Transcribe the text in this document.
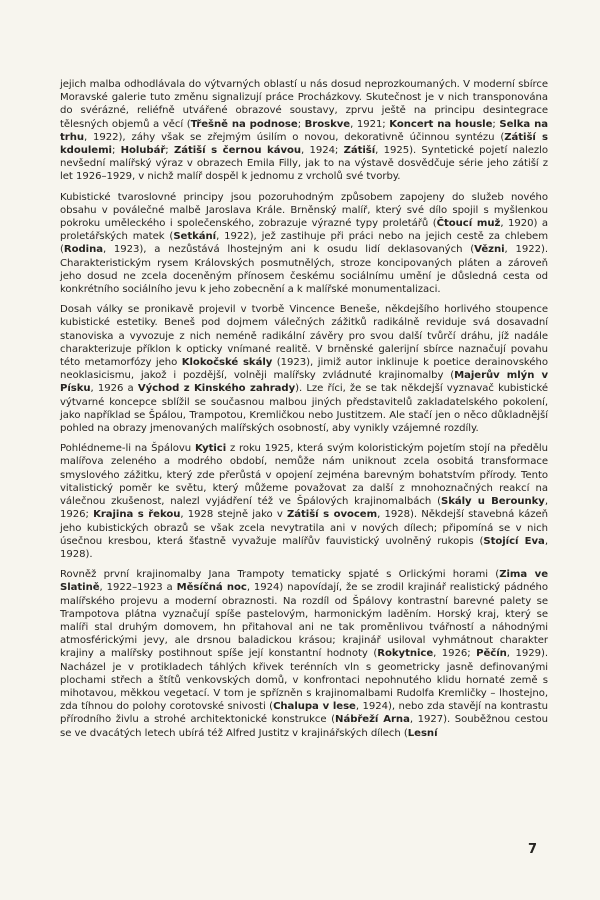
jejich malba odhodlávala do výtvarných oblastí u nás dosud neprozkoumaných. V moderní sbírce Moravské galerie tuto změnu signalizují práce Procházkovy. Skutečnost je v nich transponována do svérázné, reliéfně utvářené obrazové soustavy, zprvu ještě na principu desintegrace tělesných objemů a věcí (Třešně na podnose; Broskve, 1921; Koncert na housle; Selka na trhu, 1922), záhy však se zřejmým úsilím o novou, dekorativně účinnou syntézu (Zátiší s kdoulemi; Holubář; Zátiší s černou kávou, 1924; Zátiší, 1925). Syntetické pojetí nalezlo nevšední malířský výraz v obrazech Emila Filly, jak to na výstavě dosvědčuje série jeho zátiší z let 1926–1929, v nichž malíř dospěl k jednomu z vrcholů své tvorby.

Kubistické tvaroslovné principy jsou pozoruhodným způsobem zapojeny do služeb nového obsahu v poválečné malbě Jaroslava Krále. Brněnský malíř, který své dílo spojil s myšlenkou pokroku uměleckého i společenského, zobrazuje výrazné typy proletářů (Čtoucí muž, 1920) a proletářských matek (Setkání, 1922), jež zastihuje při práci nebo na jejich cestě za chlebem (Rodina, 1923), a nezůstává lhostejným ani k osudu lidí deklasovaných (Vězni, 1922). Charakteristickým rysem Královských posmutnělých, stroze koncipovaných pláten a zároveň jeho dosud ne zcela doceněným přínosem českému sociálnímu umění je důsledná cesta od konkrétního sociálního jevu k jeho zobecnění a k malířské monumentalizaci.

Dosah války se pronikavě projevil v tvorbě Vincence Beneše, někdejšího horlivého stoupence kubistické estetiky. Beneš pod dojmem válečných zážitků radikálně reviduje svá dosavadní stanoviska a vyvozuje z nich neméně radikální závěry pro svou další tvůrčí dráhu, jíž nadále charakterizuje příklon k opticky vnímané realitě. V brněnské galerijní sbírce naznačují povahu této metamorfózy jeho Klokočské skály (1923), jimiž autor inklinuje k poetice derainovského neoklasicismu, jakož i pozdější, volněji malířsky zvládnuté krajinomalby (Majerův mlýn v Písku, 1926 a Východ z Kinského zahrady). Lze říci, že se tak někdejší vyznavač kubistické výtvarné koncepce sblížil se současnou malbou jiných představitelů zakladatelského pokolení, jako například se Špálou, Trampotou, Kremličkou nebo Justitzem. Ale stačí jen o něco důkladnější pohled na obrazy jmenovaných malířských osobností, aby vynikly vzájemné rozdíly.

Pohlédneme-li na Špálovu Kytici z roku 1925, která svým koloristickým pojetím stojí na předělu malířova zeleného a modrého období, nemůže nám uniknout zcela osobitá transformace smyslového zážitku, který zde přerůstá v opojení zejména barevným bohatstvím přírody. Tento vitalistický poměr ke světu, který můžeme považovat za další z mnohoznačných reakcí na válečnou zkušenost, nalezl vyjádření též ve Špálových krajinomalbách (Skály u Berounky, 1926; Krajina s řekou, 1928 stejně jako v Zátiší s ovocem, 1928). Někdejší stavebná kázeň jeho kubistických obrazů se však zcela nevytratila ani v nových dílech; připomíná se v nich úsečnou kresbou, která šťastně vyvažuje malířův fauvistický uvolněný rukopis (Stojící Eva, 1928).

Rovněž první krajinomalby Jana Trampoty tematicky spjaté s Orlickými horami (Zima ve Slatině, 1922–1923 a Měsíčná noc, 1924) napovídají, že se zrodil krajinář realistický pádného malířského projevu a moderní obraznosti. Na rozdíl od Špálovy kontrastní barevné palety se Trampotova plátna vyznačují spíše pastelovým, harmonickým laděním. Horský kraj, který se malíři stal druhým domovem, hn přitahoval ani ne tak proměnlivou tvářností a náhodnými atmosférickými jevy, ale drsnou baladickou krásou; krajinář usiloval vyhmátnout charakter krajiny a malířsky postihnout spíše její konstantní hodnoty (Rokytnice, 1926; Pěčín, 1929). Nacházel je v protikladech táhlých křivek terénních vln s geometricky jasně definovanými plochami střech a štítů venkovských domů, v konfrontaci nepohnutého klidu hornaté země s mihotavou, měkkou vegetací. V tom je spřízněn s krajinomalbami Rudolfa Kremličky – lhostejno, zda tíhnou do polohy corotovské snivosti (Chalupa v lese, 1924), nebo zda stavějí na kontrastu přírodního živlu a strohé architektonické konstrukce (Nábřeží Arna, 1927). Souběžnou cestou se ve dvacátých letech ubírá též Alfred Justitz v krajinářských dílech (Lesní

7
